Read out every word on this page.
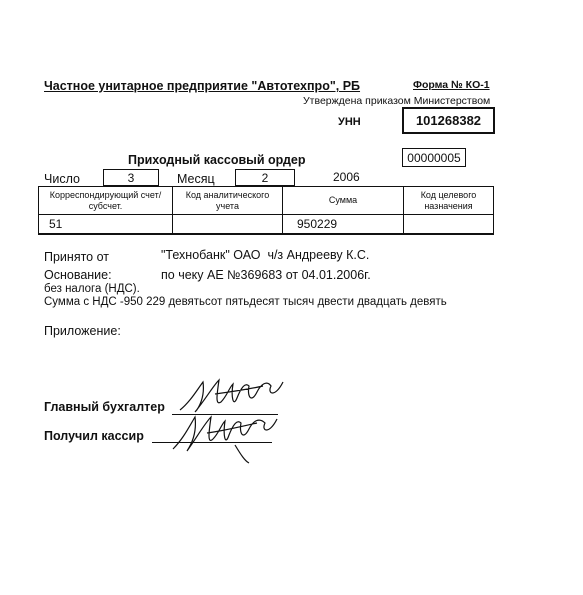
Частное унитарное предприятие "Автотехпро", РБ	Форма № КО-1
Утверждена приказом Министерством
УНН	101268382
Приходный кассовый ордер	00000005
Число	3	Месяц	2	2006
Корреспондирующий счет/субсчет.	Код аналитического учета	Сумма	Код целевого назначения
51		950229	
Принято от	"Технобанк" ОАО  ч/з Андрееву К.С.
Основание:	по чеку АЕ №369683 от 04.01.2006г.
без налога (НДС).
Сумма с НДС -950 229 девятьсот пятьдесят тысяч двести двадцать девять
Приложение:
Главный бухгалтер
Получил кассир
